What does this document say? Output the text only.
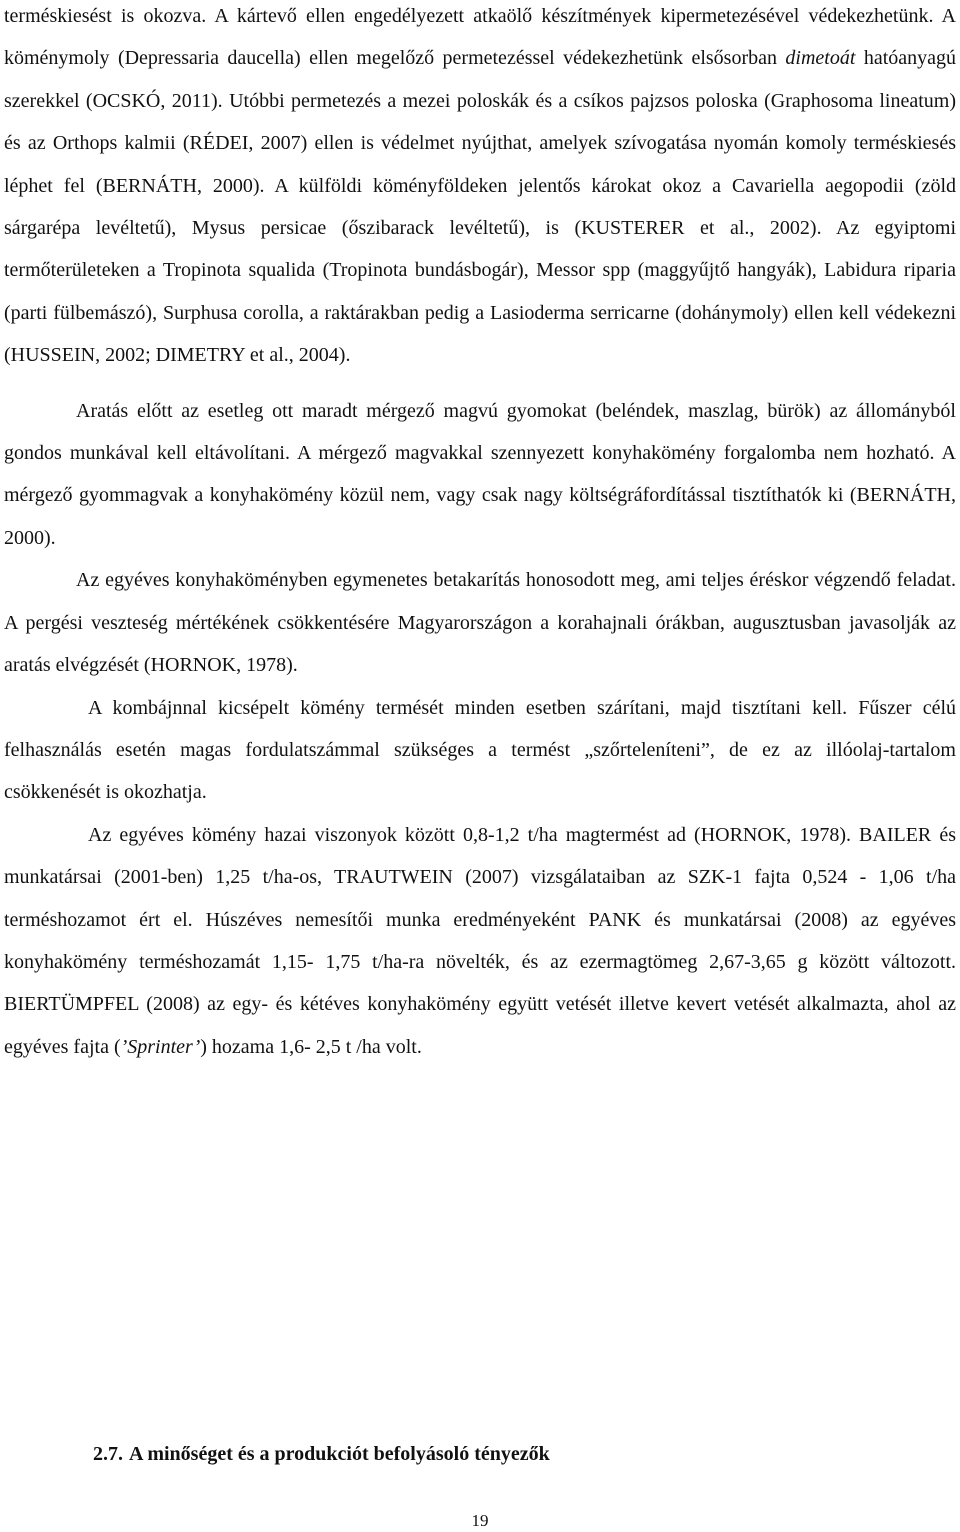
terméskiesést is okozva. A kártevő ellen engedélyezett atkaölő készítmények kipermetezésével védekezhetünk. A köménymoly (Depressaria daucella) ellen megelőző permetezéssel védekezhetünk elsősorban dimetoát hatóanyagú szerekkel (OCSKÓ, 2011). Utóbbi permetezés a mezei poloskák és a csíkos pajzsos poloska (Graphosoma lineatum) és az Orthops kalmii (RÉDEI, 2007) ellen is védelmet nyújthat, amelyek szívogatása nyomán komoly terméskiesés léphet fel (BERNÁTH, 2000). A külföldi köményföldeken jelentős károkat okoz a Cavariella aegopodii (zöld sárgarépa levéltetű), Mysus persicae (őszibarack levéltetű), is (KUSTERER et al., 2002). Az egyiptomi termőterületeken a Tropinota squalida (Tropinota bundásbogár), Messor spp (maggyűjtő hangyák), Labidura riparia (parti fülbemászó), Surphusa corolla, a raktárakban pedig a Lasioderma serricarne (dohánymoly) ellen kell védekezni (HUSSEIN, 2002; DIMETRY et al., 2004).

Aratás előtt az esetleg ott maradt mérgező magvú gyomokat (beléndek, maszlag, bürök) az állományból gondos munkával kell eltávolítani. A mérgező magvakkal szennyezett konyhakömény forgalomba nem hozható. A mérgező gyommagvak a konyhakömény közül nem, vagy csak nagy költségráfordítással tisztíthatók ki (BERNÁTH, 2000).

Az egyéves konyhaköményben egymenetes betakarítás honosodott meg, ami teljes éréskor végzendő feladat. A pergési veszteség mértékének csökkentésére Magyarországon a korahajnali órákban, augusztusban javasolják az aratás elvégzését (HORNOK, 1978).

A kombájnnal kicsépelt kömény termését minden esetben szárítani, majd tisztítani kell. Fűszer célú felhasználás esetén magas fordulatszámmal szükséges a termést „szőrteleníteni”, de ez az illóolaj-tartalom csökkenését is okozhatja.

Az egyéves kömény hazai viszonyok között 0,8-1,2 t/ha magtermést ad (HORNOK, 1978). BAILER és munkatársai (2001-ben) 1,25 t/ha-os, TRAUTWEIN (2007) vizsgálataiban az SZK-1 fajta 0,524 - 1,06 t/ha terméshozamot ért el. Húszéves nemesítői munka eredményeként PANK és munkatársai (2008) az egyéves konyhakömény terméshozamát 1,15- 1,75 t/ha-ra növelték, és az ezermagtömeg 2,67-3,65 g között változott. BIERTÜMPFEL (2008) az egy- és kétéves konyhakömény együtt vetését illetve kevert vetését alkalmazta, ahol az egyéves fajta (’Sprinter’) hozama 1,6- 2,5 t /ha volt.

2.7. A minőséget és a produkciót befolyásoló tényezők
19
